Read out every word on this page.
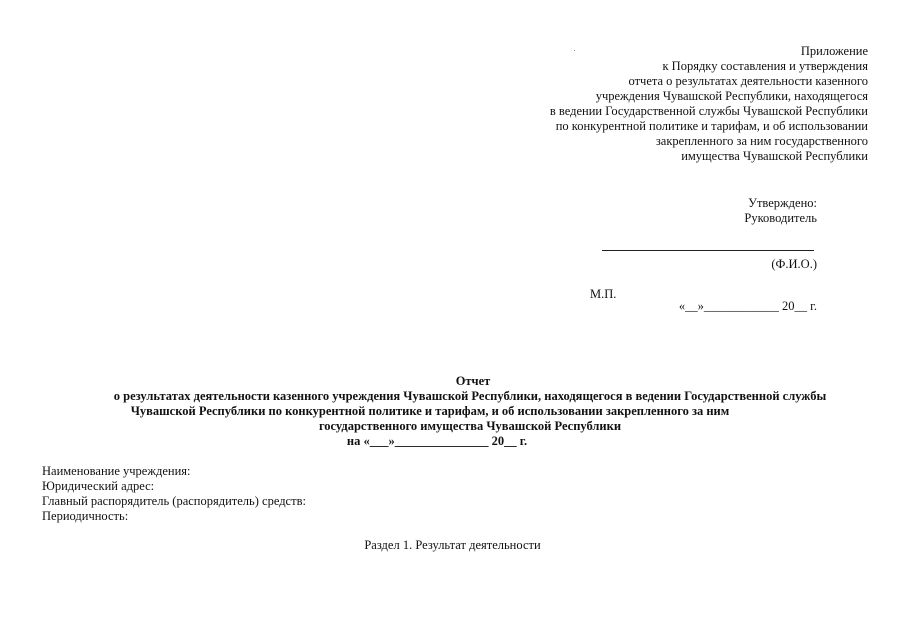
Приложение
к Порядку составления и утверждения
отчета о результатах деятельности казенного
учреждения Чувашской Республики, находящегося
в ведении Государственной службы Чувашской Республики
по конкурентной политике и тарифам, и об использовании
закрепленного за ним государственного
имущества Чувашской Республики
Утверждено:
Руководитель
(Ф.И.О.)
М.П.
«__»____________ 20__ г.
Отчет
о результатах деятельности казенного учреждения Чувашской Республики, находящегося в ведении Государственной службы
Чувашской Республики по конкурентной политике и тарифам, и об использовании закрепленного за ним
государственного имущества Чувашской Республики
на «___»_______________ 20__ г.
Наименование учреждения:
Юридический адрес:
Главный распорядитель (распорядитель) средств:
Периодичность:
Раздел 1. Результат деятельности
